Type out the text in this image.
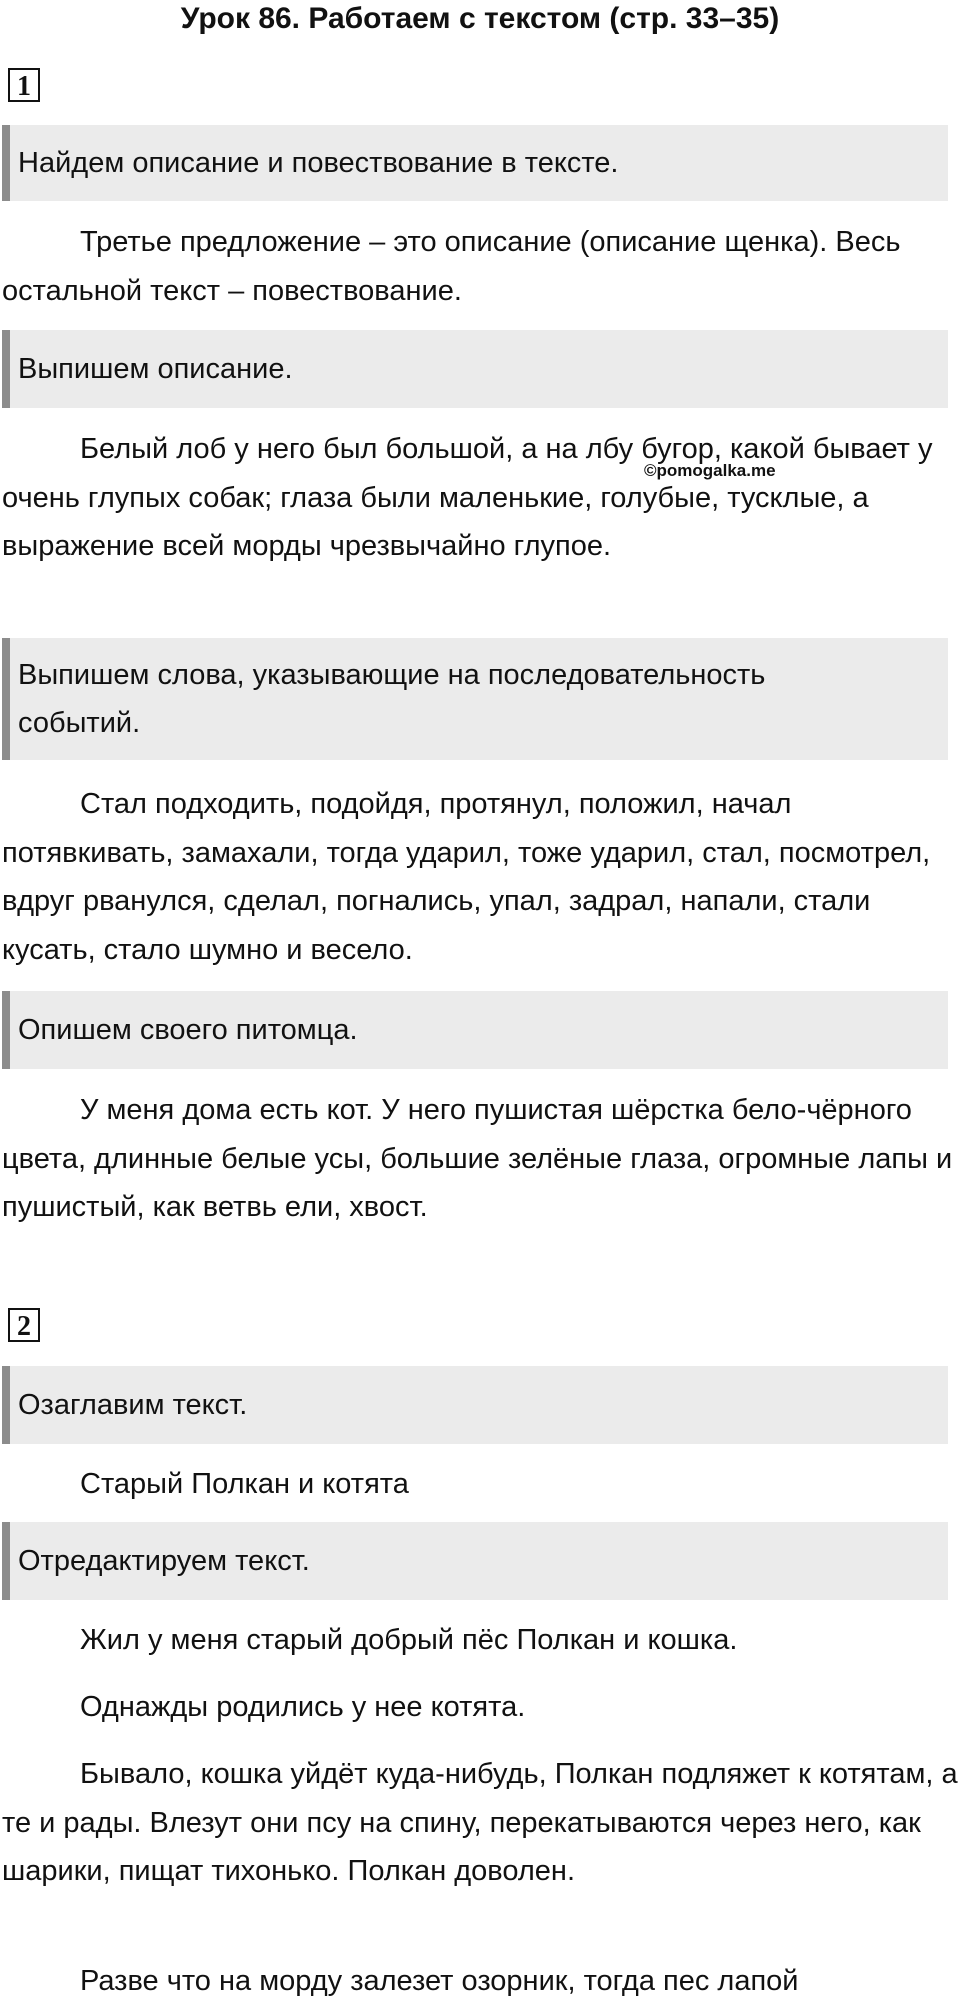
Урок 86. Работаем с текстом (стр. 33–35)
1
Найдем описание и повествование в тексте.

Третье предложение – это описание (описание щенка). Весь остальной текст – повествование.

Выпишем описание.

Белый лоб у него был большой, а на лбу бугор, какой бывает у очень глупых собак; глаза были маленькие, голубые, тусклые, а выражение всей морды чрезвычайно глупое.

©pomogalka.me
Выпишем слова, указывающие на последовательность событий.

Стал подходить, подойдя, протянул, положил, начал потявкивать, замахали, тогда ударил, тоже ударил, стал, посмотрел, вдруг рванулся, сделал, погнались, упал, задрал, напали, стали кусать, стало шумно и весело.

Опишем своего питомца.

У меня дома есть кот. У него пушистая шёрстка бело-чёрного цвета, длинные белые усы, большие зелёные глаза, огромные лапы и пушистый, как ветвь ели, хвост.

2
Озаглавим текст.

Старый Полкан и котята

Отредактируем текст.

Жил у меня старый добрый пёс Полкан и кошка.

Однажды родились у нее котята.

Бывало, кошка уйдёт куда-нибудь, Полкан подляжет к котятам, а те и рады. Влезут они псу на спину, перекатываются через него, как шарики, пищат тихонько. Полкан доволен.

Разве что на морду залезет озорник, тогда пес лапой
